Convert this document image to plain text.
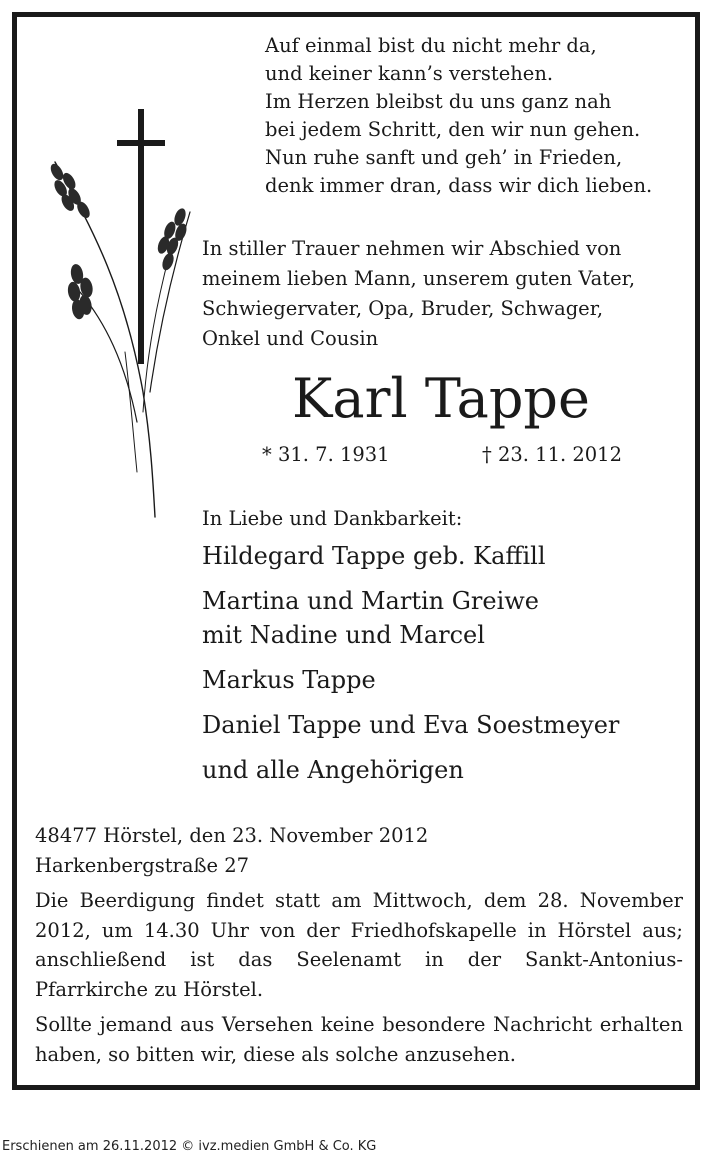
Auf einmal bist du nicht mehr da,
und keiner kann’s verstehen.
Im Herzen bleibst du uns ganz nah
bei jedem Schritt, den wir nun gehen.
Nun ruhe sanft und geh’ in Frieden,
denk immer dran, dass wir dich lieben.
In stiller Trauer nehmen wir Abschied von
meinem lieben Mann, unserem guten Vater,
Schwiegervater, Opa, Bruder, Schwager,
Onkel und Cousin
Karl Tappe
* 31. 7. 1931	† 23. 11. 2012
In Liebe und Dankbarkeit:
Hildegard Tappe geb. Kaffill
Martina und Martin Greiwe
mit Nadine und Marcel
Markus Tappe
Daniel Tappe und Eva Soestmeyer
und alle Angehörigen
48477 Hörstel, den 23. November 2012
Harkenbergstraße 27

Die Beerdigung findet statt am Mittwoch, dem 28. November 2012, um 14.30 Uhr von der Friedhofskapelle in Hörstel aus; anschließend ist das Seelenamt in der Sankt-Antonius-Pfarrkirche zu Hörstel.

Sollte jemand aus Versehen keine besondere Nachricht erhalten haben, so bitten wir, diese als solche anzusehen.

Erschienen am 26.11.2012 © ivz.medien GmbH & Co. KG
